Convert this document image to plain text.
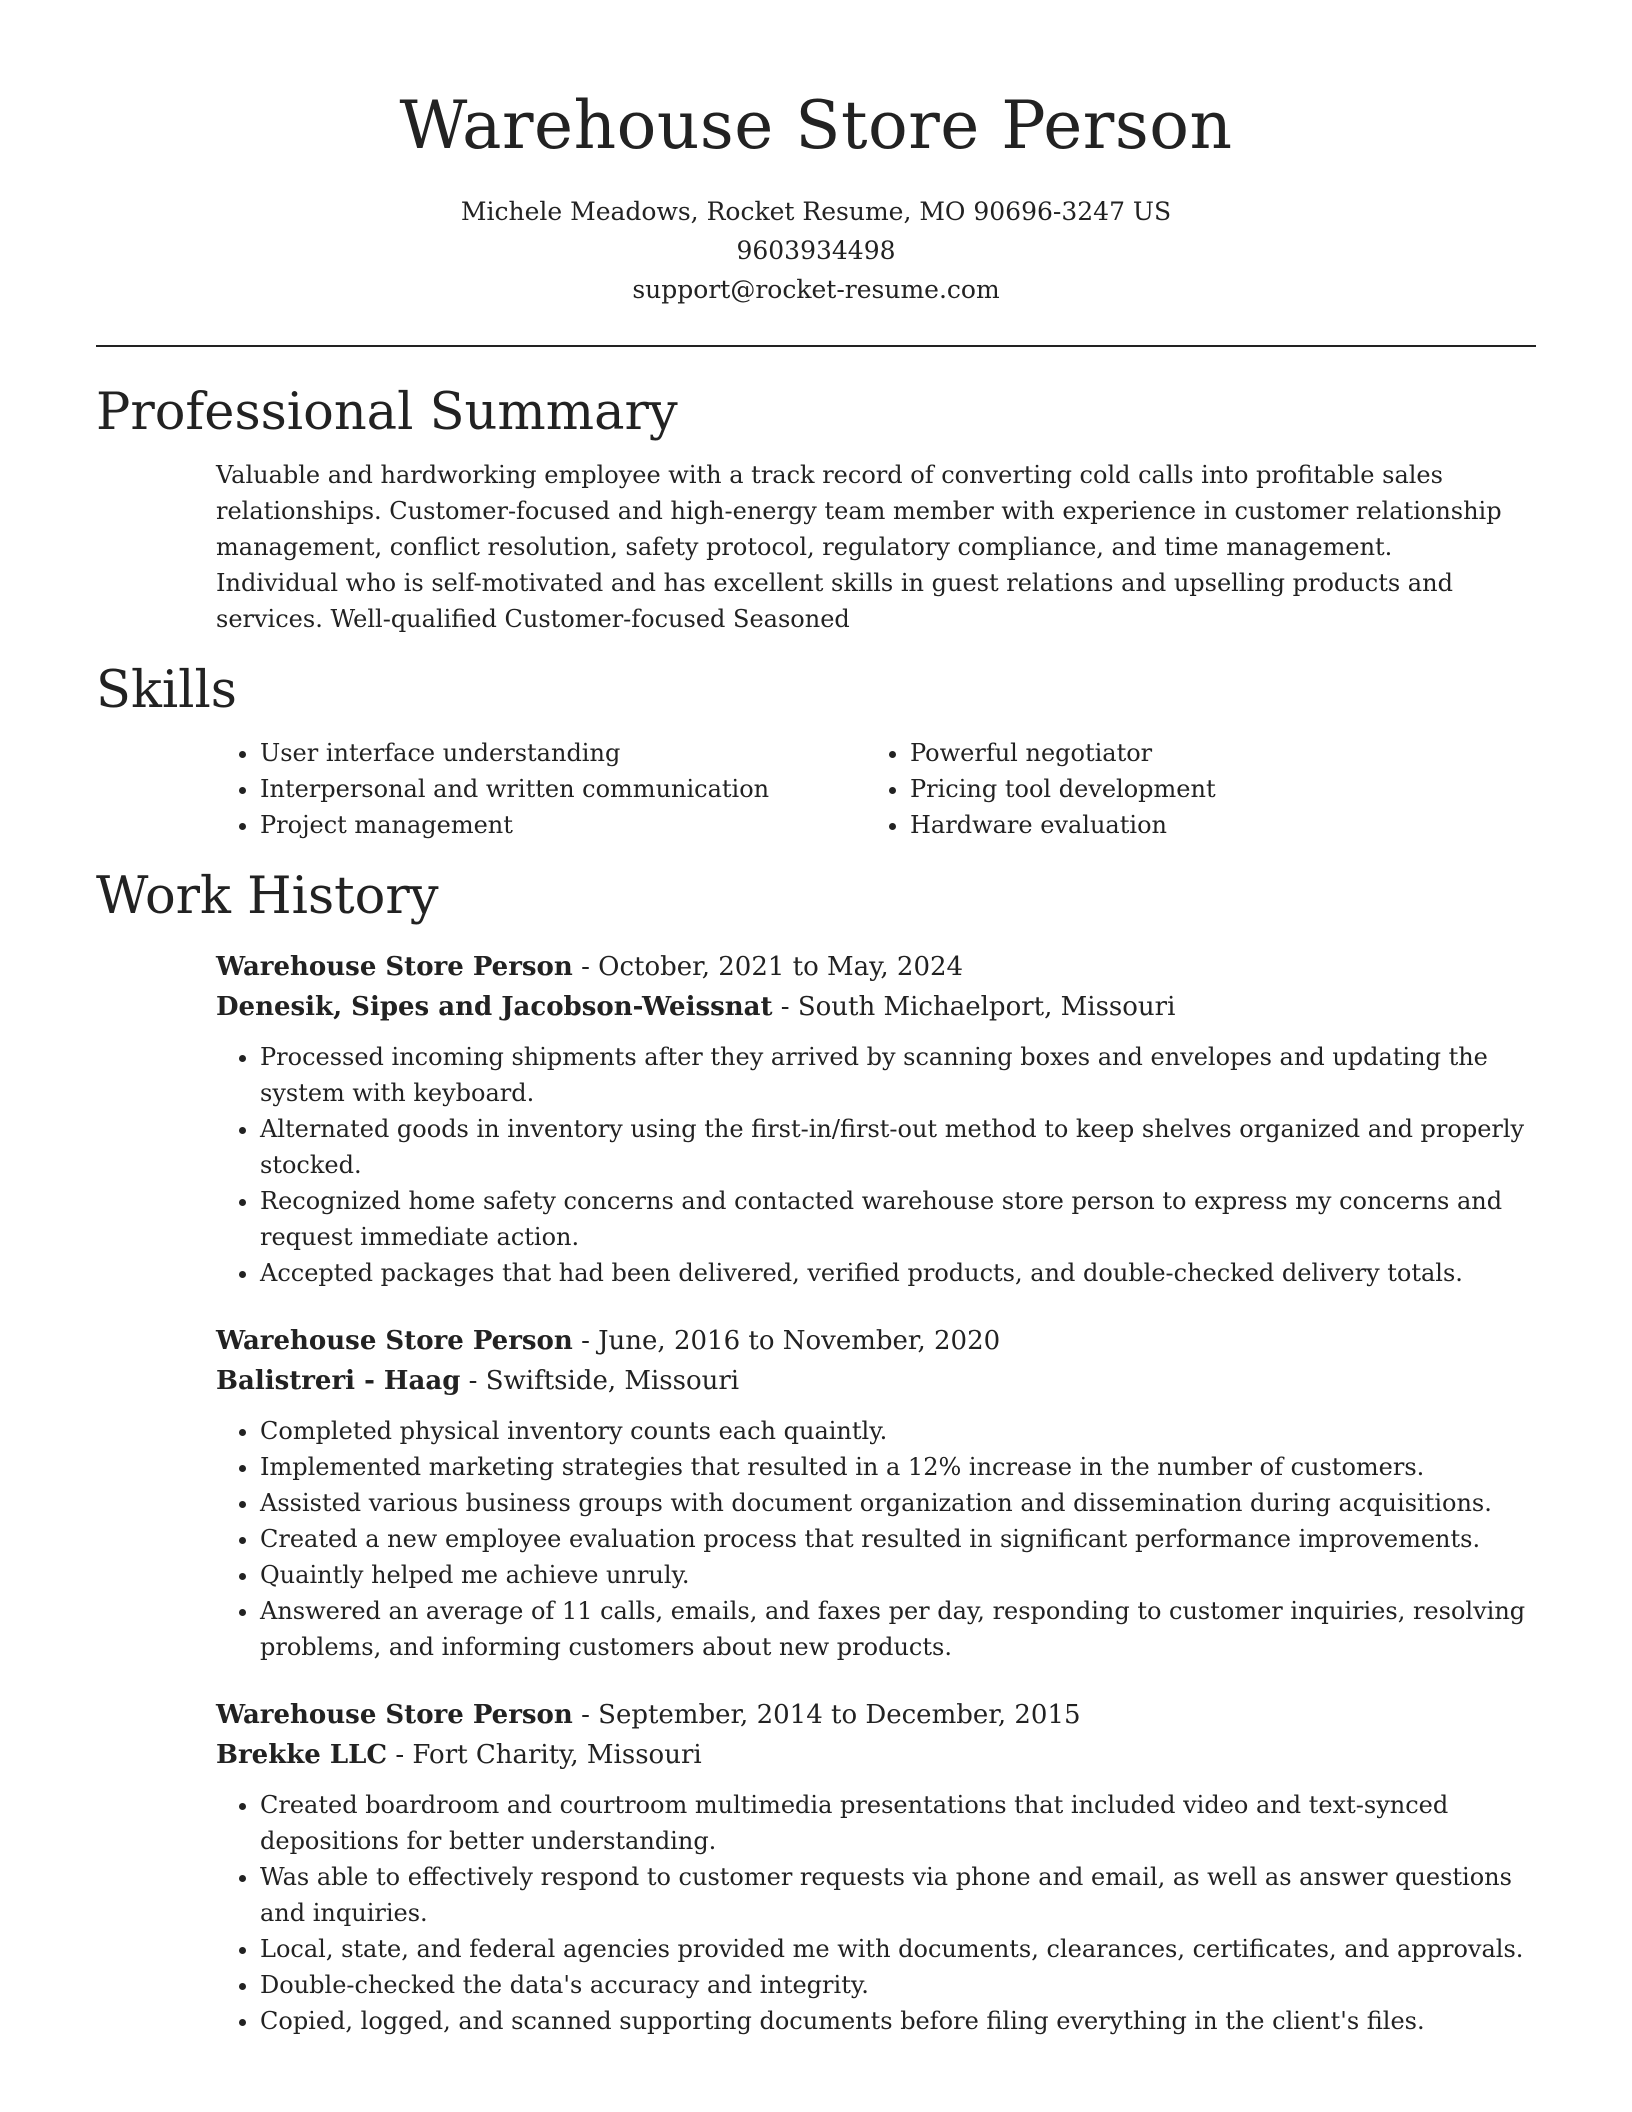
Warehouse Store Person
Michele Meadows, Rocket Resume, MO 90696-3247 US
9603934498
support@rocket-resume.com
Professional Summary

Valuable and hardworking employee with a track record of converting cold calls into profitable sales relationships. Customer-focused and high-energy team member with experience in customer relationship management, conflict resolution, safety protocol, regulatory compliance, and time management. Individual who is self-motivated and has excellent skills in guest relations and upselling products and services. Well-qualified Customer-focused Seasoned

Skills
• User interface understanding
• Interpersonal and written communication
• Project management
• Powerful negotiator
• Pricing tool development
• Hardware evaluation
Work History
Warehouse Store Person - October, 2021 to May, 2024
Denesik, Sipes and Jacobson-Weissnat - South Michaelport, Missouri
• Processed incoming shipments after they arrived by scanning boxes and envelopes and updating the system with keyboard.
• Alternated goods in inventory using the first-in/first-out method to keep shelves organized and properly stocked.
• Recognized home safety concerns and contacted warehouse store person to express my concerns and request immediate action.
• Accepted packages that had been delivered, verified products, and double-checked delivery totals.
Warehouse Store Person - June, 2016 to November, 2020
Balistreri - Haag - Swiftside, Missouri
• Completed physical inventory counts each quaintly.
• Implemented marketing strategies that resulted in a 12% increase in the number of customers.
• Assisted various business groups with document organization and dissemination during acquisitions.
• Created a new employee evaluation process that resulted in significant performance improvements.
• Quaintly helped me achieve unruly.
• Answered an average of 11 calls, emails, and faxes per day, responding to customer inquiries, resolving problems, and informing customers about new products.
Warehouse Store Person - September, 2014 to December, 2015
Brekke LLC - Fort Charity, Missouri
• Created boardroom and courtroom multimedia presentations that included video and text-synced depositions for better understanding.
• Was able to effectively respond to customer requests via phone and email, as well as answer questions and inquiries.
• Local, state, and federal agencies provided me with documents, clearances, certificates, and approvals.
• Double-checked the data's accuracy and integrity.
• Copied, logged, and scanned supporting documents before filing everything in the client's files.
